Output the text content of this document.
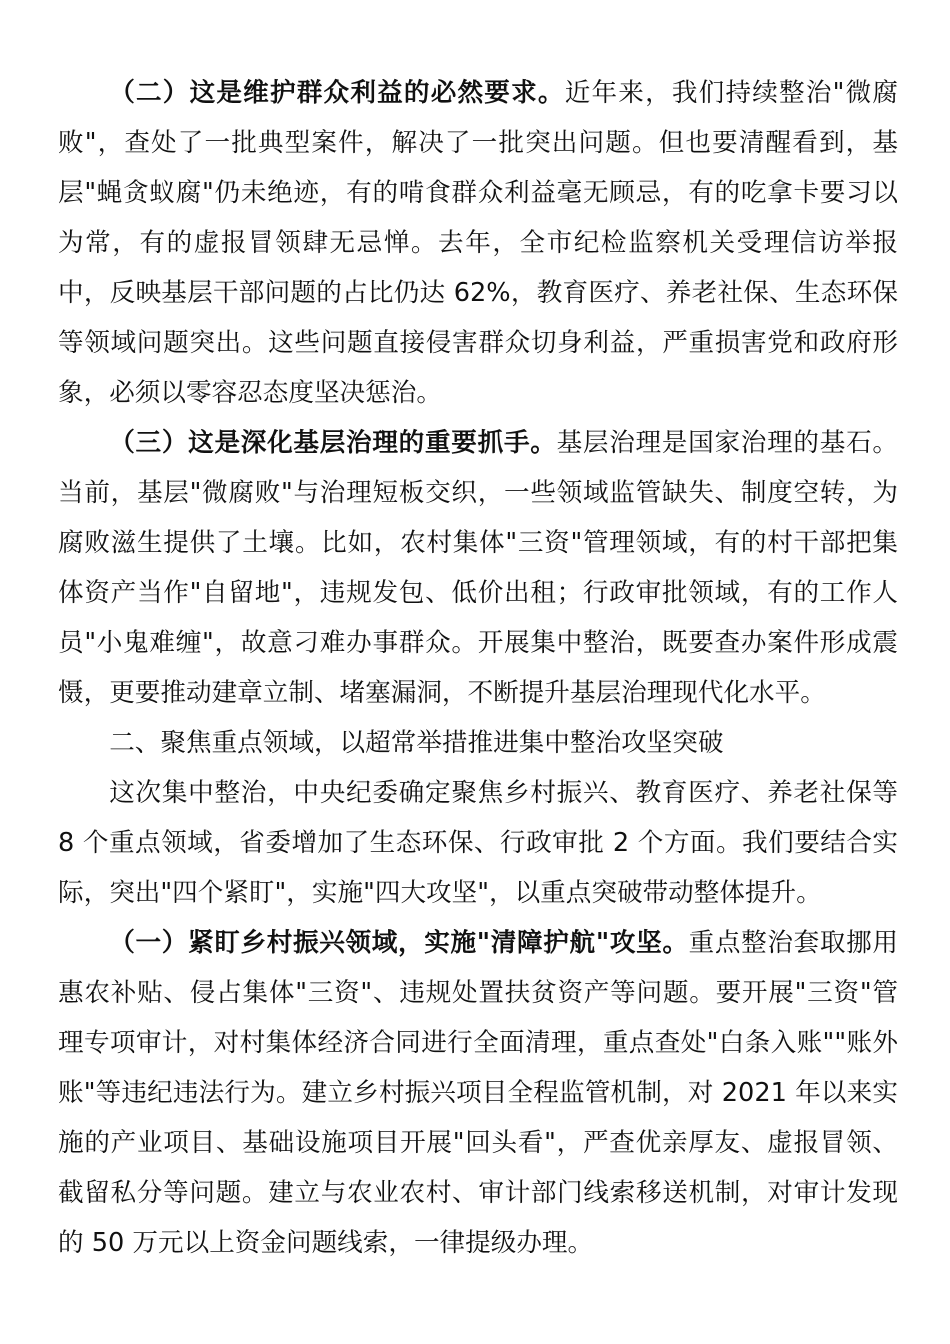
（二）这是维护群众利益的必然要求。近年来，我们持续整治"微腐败"，查处了一批典型案件，解决了一批突出问题。但也要清醒看到，基层"蝇贪蚁腐"仍未绝迹，有的啃食群众利益毫无顾忌，有的吃拿卡要习以为常，有的虚报冒领肆无忌惮。去年，全市纪检监察机关受理信访举报中，反映基层干部问题的占比仍达 62%，教育医疗、养老社保、生态环保等领域问题突出。这些问题直接侵害群众切身利益，严重损害党和政府形象，必须以零容忍态度坚决惩治。

（三）这是深化基层治理的重要抓手。基层治理是国家治理的基石。当前，基层"微腐败"与治理短板交织，一些领域监管缺失、制度空转，为腐败滋生提供了土壤。比如，农村集体"三资"管理领域，有的村干部把集体资产当作"自留地"，违规发包、低价出租；行政审批领域，有的工作人员"小鬼难缠"，故意刁难办事群众。开展集中整治，既要查办案件形成震慑，更要推动建章立制、堵塞漏洞，不断提升基层治理现代化水平。

二、聚焦重点领域，以超常举措推进集中整治攻坚突破

这次集中整治，中央纪委确定聚焦乡村振兴、教育医疗、养老社保等 8 个重点领域，省委增加了生态环保、行政审批 2 个方面。我们要结合实际，突出"四个紧盯"，实施"四大攻坚"，以重点突破带动整体提升。

（一）紧盯乡村振兴领域，实施"清障护航"攻坚。重点整治套取挪用惠农补贴、侵占集体"三资"、违规处置扶贫资产等问题。要开展"三资"管理专项审计，对村集体经济合同进行全面清理，重点查处"白条入账""账外账"等违纪违法行为。建立乡村振兴项目全程监管机制，对 2021 年以来实施的产业项目、基础设施项目开展"回头看"，严查优亲厚友、虚报冒领、截留私分等问题。建立与农业农村、审计部门线索移送机制，对审计发现的 50 万元以上资金问题线索，一律提级办理。
